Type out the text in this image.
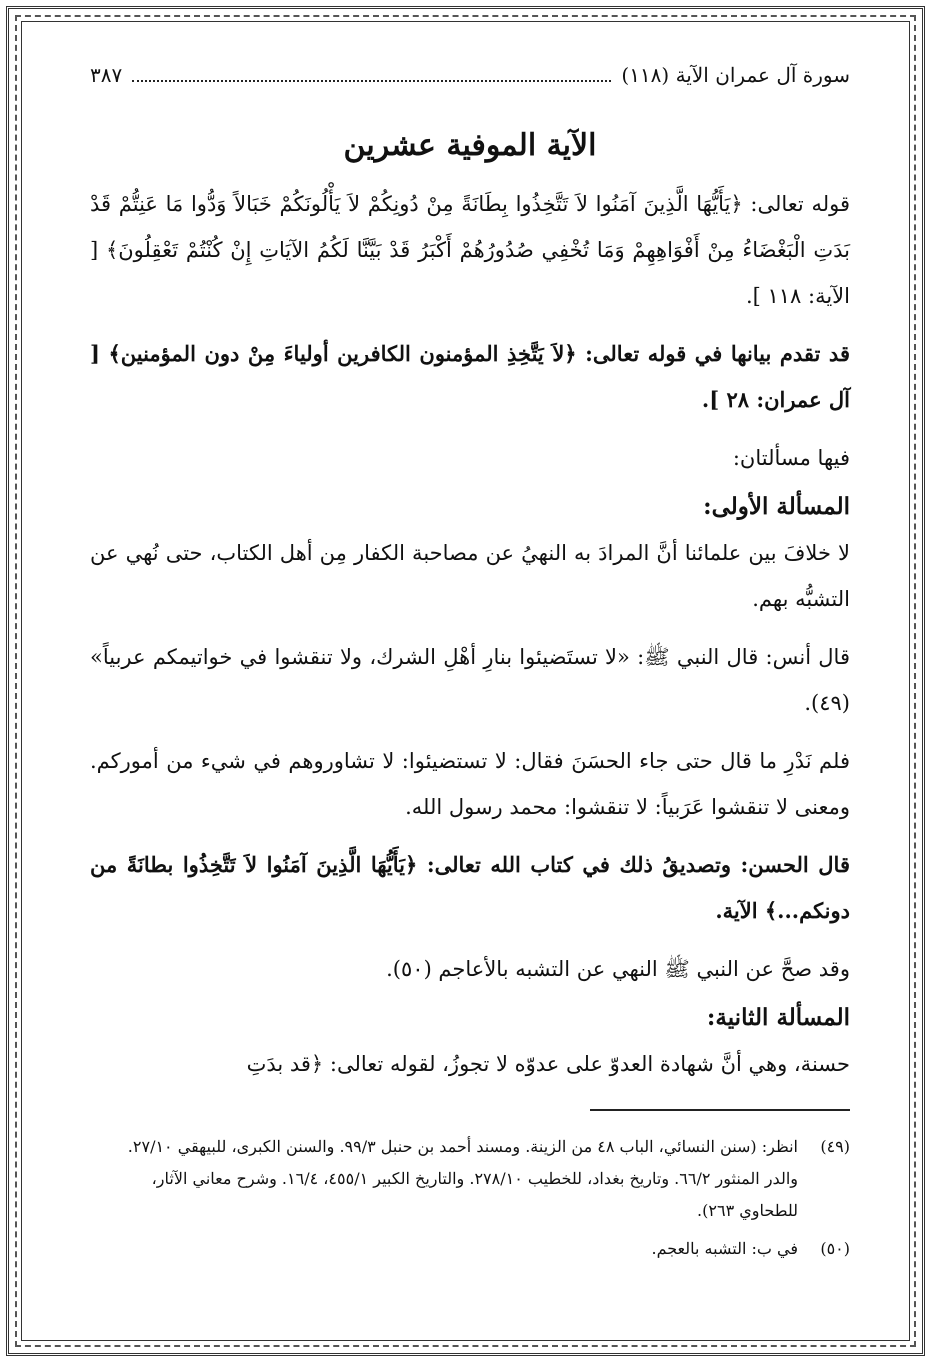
سورة آل عمران الآية (١١٨)
٣٨٧
الآية الموفية عشرين

قوله تعالى: ﴿يَأَيُّهَا الَّذِينَ آمَنُوا لاَ تَتَّخِذُوا بِطَانَةً مِنْ دُونِكُمْ لاَ يَأْلُونَكُمْ خَبَالاً وَدُّوا مَا عَنِتُّمْ قَدْ بَدَتِ الْبَغْضَاءُ مِنْ أَفْوَاهِهِمْ وَمَا تُخْفِي صُدُورُهُمْ أَكْبَرُ قَدْ بَيَّنَّا لَكُمُ الآيَاتِ إِنْ كُنْتُمْ تَعْقِلُونَ﴾ [ الآية: ١١٨ ].

قد تقدم بيانها في قوله تعالى: ﴿لاَ يَتَّخِذِ المؤمنون الكافرين أولياءَ مِنْ دون المؤمنين﴾ [ آل عمران: ٢٨ ].

فيها مسألتان:

المسألة الأولى:

لا خلافَ بين علمائنا أنَّ المرادَ به النهيُ عن مصاحبة الكفار مِن أهل الكتاب، حتى نُهي عن التشبُّه بهم.

قال أنس: قال النبي ﷺ: «لا تستَضيئوا بنارِ أهْلِ الشرك، ولا تنقشوا في خواتيمكم عربياً» (٤٩).

فلم نَدْرِ ما قال حتى جاء الحسَنَ فقال: لا تستضيئوا: لا تشاوروهم في شيء من أموركم. ومعنى لا تنقشوا عَرَبياً: لا تنقشوا: محمد رسول الله.

قال الحسن: وتصديقُ ذلك في كتاب الله تعالى: ﴿يَأَيُّهَا الَّذِينَ آمَنُوا لاَ تَتَّخِذُوا بطانَةً من دونكم...﴾ الآية.

وقد صحَّ عن النبي ﷺ النهي عن التشبه بالأعاجم (٥٠).

المسألة الثانية:

حسنة، وهي أنَّ شهادة العدوّ على عدوّه لا تجوزُ، لقوله تعالى: ﴿قد بدَتِ

(٤٩)
انظر: (سنن النسائي، الباب ٤٨ من الزينة. ومسند أحمد بن حنبل ٩٩/٣. والسنن الكبرى، للبيهقي ٢٧/١٠. والدر المنثور ٦٦/٢. وتاريخ بغداد، للخطيب ٢٧٨/١٠. والتاريخ الكبير ٤٥٥/١، ١٦/٤. وشرح معاني الآثار، للطحاوي ٢٦٣).
(٥٠)
في ب: التشبه بالعجم.
